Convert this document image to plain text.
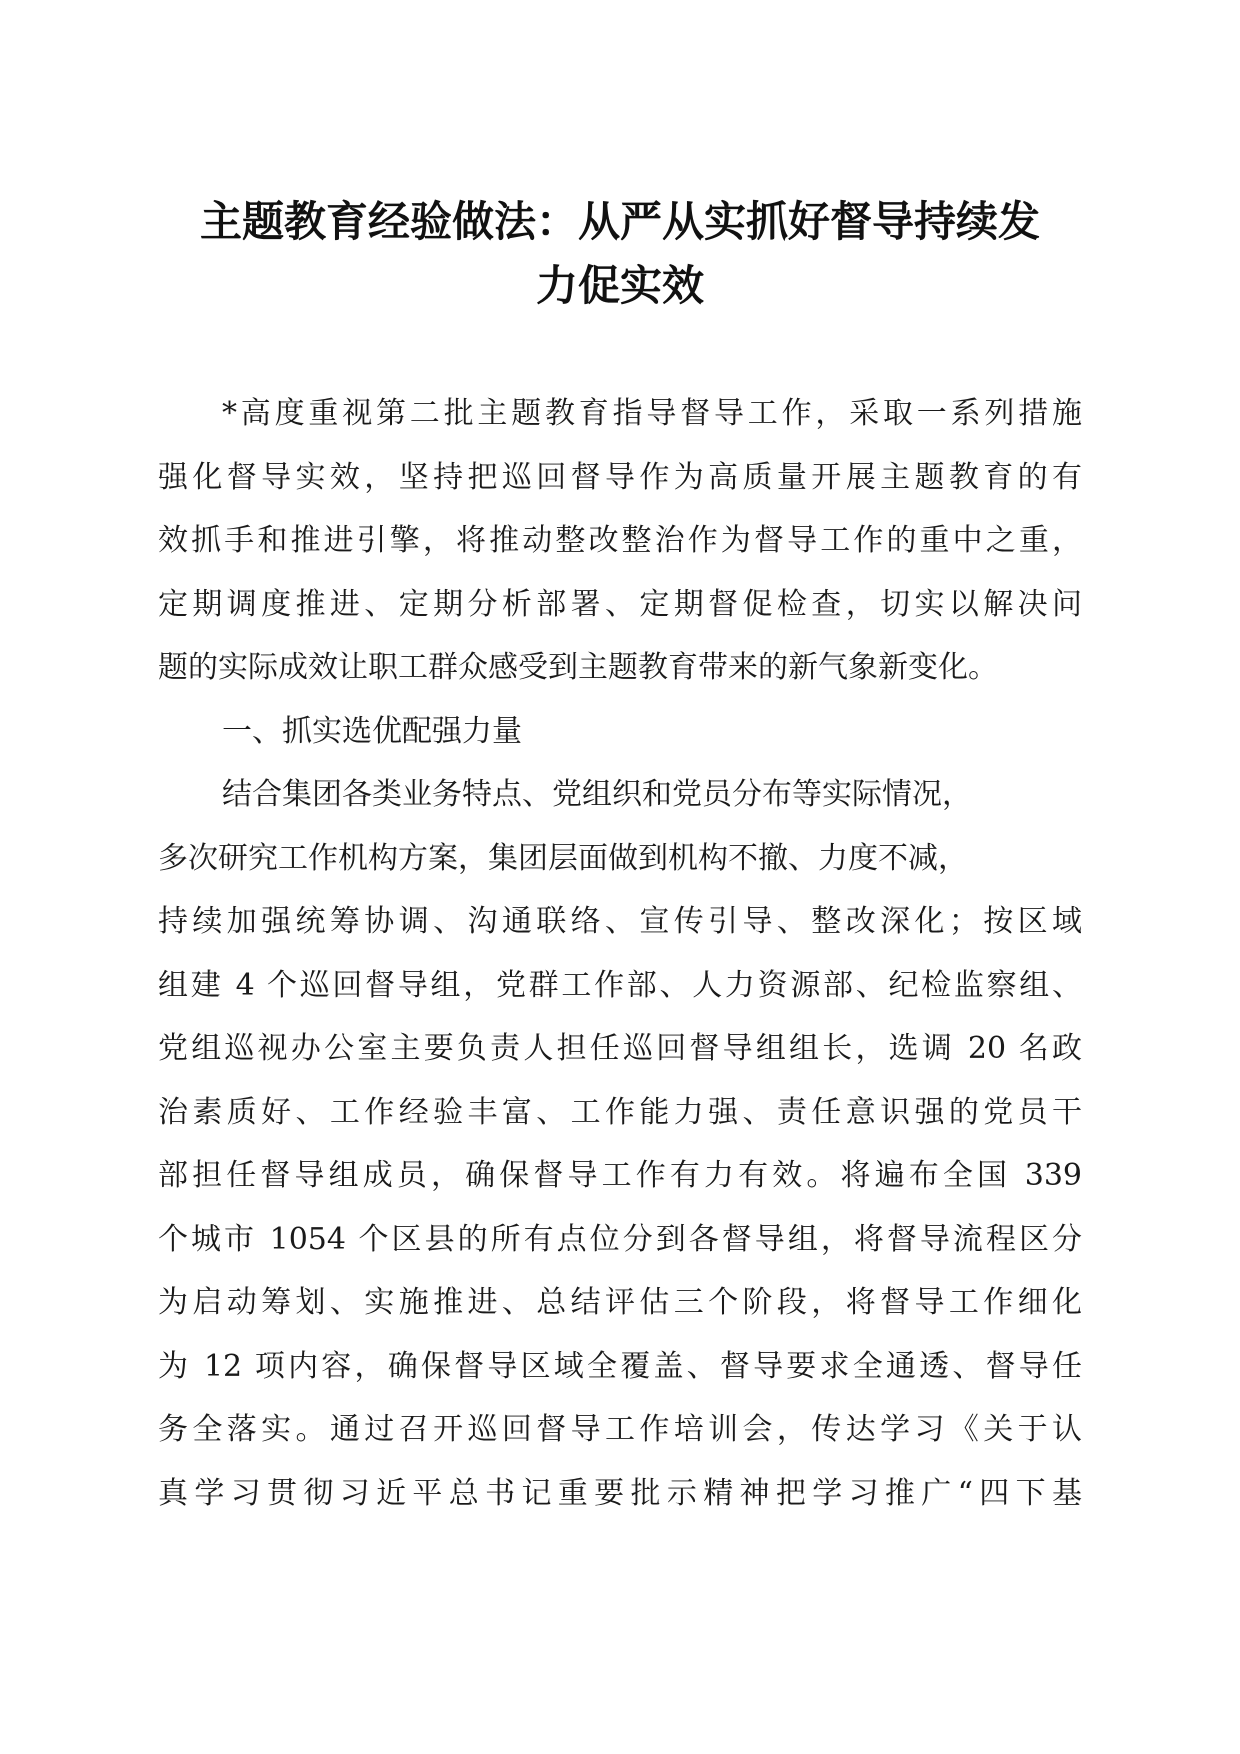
主题教育经验做法：从严从实抓好督导持续发
力促实效
*高度重视第二批主题教育指导督导工作，采取一系列措施
强化督导实效，坚持把巡回督导作为高质量开展主题教育的有
效抓手和推进引擎，将推动整改整治作为督导工作的重中之重，
定期调度推进、定期分析部署、定期督促检查，切实以解决问
题的实际成效让职工群众感受到主题教育带来的新气象新变化。
一、抓实选优配强力量
结合集团各类业务特点、党组织和党员分布等实际情况，
多次研究工作机构方案，集团层面做到机构不撤、力度不减，
持续加强统筹协调、沟通联络、宣传引导、整改深化；按区域
组建 4 个巡回督导组，党群工作部、人力资源部、纪检监察组、
党组巡视办公室主要负责人担任巡回督导组组长，选调 20 名政
治素质好、工作经验丰富、工作能力强、责任意识强的党员干
部担任督导组成员，确保督导工作有力有效。将遍布全国 339
个城市 1054 个区县的所有点位分到各督导组，将督导流程区分
为启动筹划、实施推进、总结评估三个阶段，将督导工作细化
为 12 项内容，确保督导区域全覆盖、督导要求全通透、督导任
务全落实。通过召开巡回督导工作培训会，传达学习《关于认
真学习贯彻习近平总书记重要批示精神把学习推广“四下基
